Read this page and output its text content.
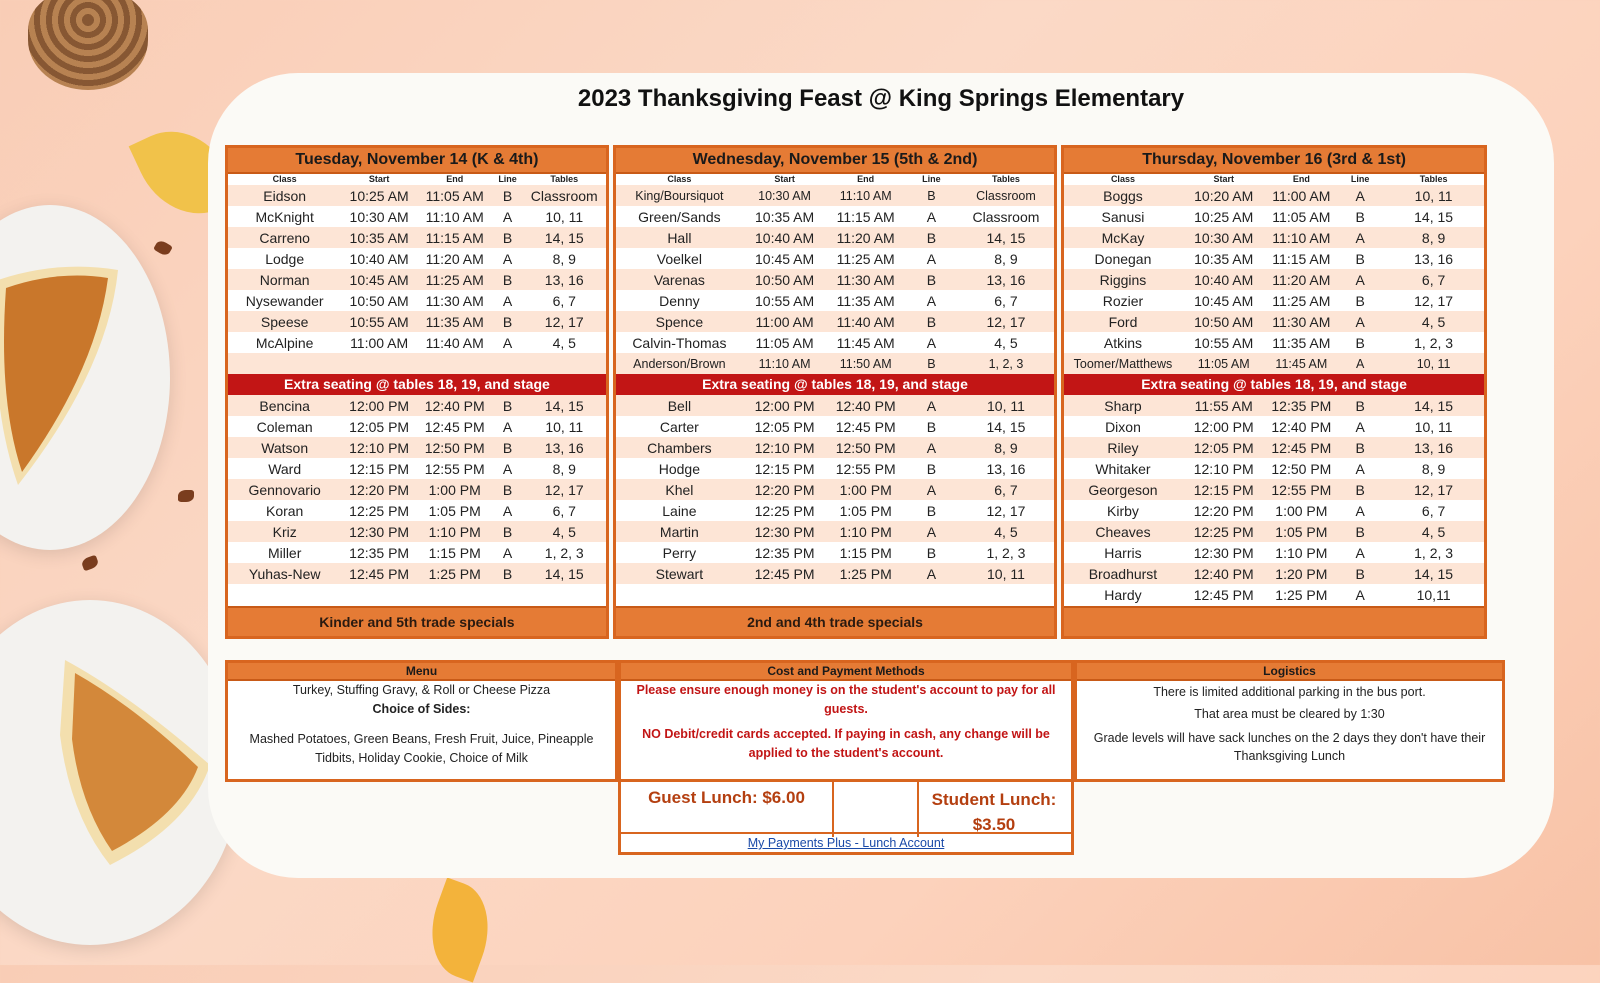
2023 Thanksgiving Feast @ King Springs Elementary
Tuesday, November 14 (K & 4th)
Class	Start	End	Line	Tables
Eidson	10:25 AM	11:05 AM	B	Classroom
McKnight	10:30 AM	11:10 AM	A	10, 11
Carreno	10:35 AM	11:15 AM	B	14, 15
Lodge	10:40 AM	11:20 AM	A	8, 9
Norman	10:45 AM	11:25 AM	B	13, 16
Nysewander	10:50 AM	11:30 AM	A	6, 7
Speese	10:55 AM	11:35 AM	B	12, 17
McAlpine	11:00 AM	11:40 AM	A	4, 5

Extra seating @ tables 18, 19, and stage
Bencina	12:00 PM	12:40 PM	B	14, 15
Coleman	12:05 PM	12:45 PM	A	10, 11
Watson	12:10 PM	12:50 PM	B	13, 16
Ward	12:15 PM	12:55 PM	A	8, 9
Gennovario	12:20 PM	1:00 PM	B	12, 17
Koran	12:25 PM	1:05 PM	A	6, 7
Kriz	12:30 PM	1:10 PM	B	4, 5
Miller	12:35 PM	1:15 PM	A	1, 2, 3
Yuhas-New	12:45 PM	1:25 PM	B	14, 15

Kinder and 5th trade specials
Wednesday, November 15 (5th & 2nd)
Class	Start	End	Line	Tables
King/Boursiquot	10:30 AM	11:10 AM	B	Classroom
Green/Sands	10:35 AM	11:15 AM	A	Classroom
Hall	10:40 AM	11:20 AM	B	14, 15
Voelkel	10:45 AM	11:25 AM	A	8, 9
Varenas	10:50 AM	11:30 AM	B	13, 16
Denny	10:55 AM	11:35 AM	A	6, 7
Spence	11:00 AM	11:40 AM	B	12, 17
Calvin-Thomas	11:05 AM	11:45 AM	A	4, 5
Anderson/Brown	11:10 AM	11:50 AM	B	1, 2, 3
Extra seating @ tables 18, 19, and stage
Bell	12:00 PM	12:40 PM	A	10, 11
Carter	12:05 PM	12:45 PM	B	14, 15
Chambers	12:10 PM	12:50 PM	A	8, 9
Hodge	12:15 PM	12:55 PM	B	13, 16
Khel	12:20 PM	1:00 PM	A	6, 7
Laine	12:25 PM	1:05 PM	B	12, 17
Martin	12:30 PM	1:10 PM	A	4, 5
Perry	12:35 PM	1:15 PM	B	1, 2, 3
Stewart	12:45 PM	1:25 PM	A	10, 11

2nd and 4th trade specials
Thursday, November 16 (3rd & 1st)
Class	Start	End	Line	Tables
Boggs	10:20 AM	11:00 AM	A	10, 11
Sanusi	10:25 AM	11:05 AM	B	14, 15
McKay	10:30 AM	11:10 AM	A	8, 9
Donegan	10:35 AM	11:15 AM	B	13, 16
Riggins	10:40 AM	11:20 AM	A	6, 7
Rozier	10:45 AM	11:25 AM	B	12, 17
Ford	10:50 AM	11:30 AM	A	4, 5
Atkins	10:55 AM	11:35 AM	B	1, 2, 3
Toomer/Matthews	11:05 AM	11:45 AM	A	10, 11
Extra seating @ tables 18, 19, and stage
Sharp	11:55 AM	12:35 PM	B	14, 15
Dixon	12:00 PM	12:40 PM	A	10, 11
Riley	12:05 PM	12:45 PM	B	13, 16
Whitaker	12:10 PM	12:50 PM	A	8, 9
Georgeson	12:15 PM	12:55 PM	B	12, 17
Kirby	12:20 PM	1:00 PM	A	6, 7
Cheaves	12:25 PM	1:05 PM	B	4, 5
Harris	12:30 PM	1:10 PM	A	1, 2, 3
Broadhurst	12:40 PM	1:20 PM	B	14, 15
Hardy	12:45 PM	1:25 PM	A	10,11
Menu

Turkey, Stuffing Gravy, & Roll or Cheese Pizza

Choice of Sides:

Mashed Potatoes, Green Beans, Fresh Fruit, Juice, Pineapple Tidbits, Holiday Cookie, Choice of Milk

Cost and Payment Methods

Please ensure enough money is on the student's account to pay for all guests.

NO Debit/credit cards accepted. If paying in cash, any change will be applied to the student's account.

Logistics

There is limited additional parking in the bus port.

That area must be cleared by 1:30

Grade levels will have sack lunches on the 2 days they don't have their Thanksgiving Lunch

Guest Lunch: $6.00	Student Lunch: $3.50
My Payments Plus - Lunch Account
